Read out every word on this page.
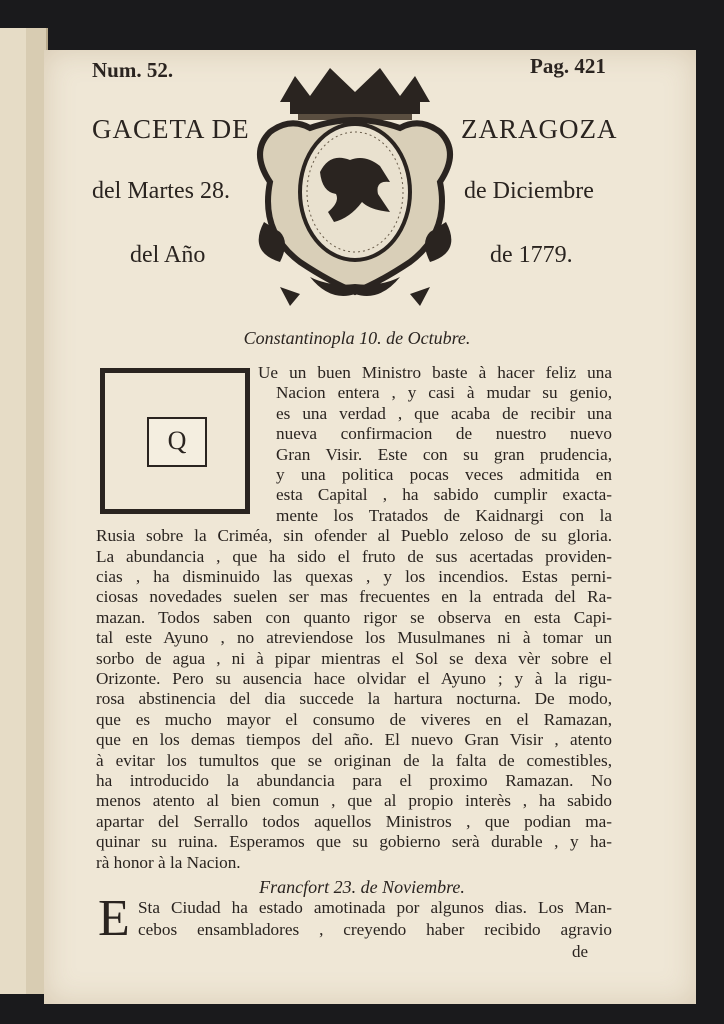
Num. 52.	Pag. 421
GACETA DE	ZARAGOZA
del Martes 28.	de Diciembre
del Año	de 1779.
Constantinopla 10. de Octubre.
Q
Ue un buen Ministro baste à hacer feliz una
Nacion entera , y casi à mudar su genio,
es una verdad , que acaba de recibir una
nueva confirmacion de nuestro nuevo
Gran Visir. Este con su gran prudencia,
y una politica pocas veces admitida en
esta Capital , ha sabido cumplir exacta-
mente los Tratados de Kaidnargi con la
Rusia sobre la Criméa, sin ofender al Pueblo zeloso de su gloria.
La abundancia , que ha sido el fruto de sus acertadas providen-
cias , ha disminuido las quexas , y los incendios. Estas perni-
ciosas novedades suelen ser mas frecuentes en la entrada del Ra-
mazan. Todos saben con quanto rigor se observa en esta Capi-
tal este Ayuno , no atreviendose los Musulmanes ni à tomar un
sorbo de agua , ni à pipar mientras el Sol se dexa vèr sobre el
Orizonte. Pero su ausencia hace olvidar el Ayuno ; y à la rigu-
rosa abstinencia del dia succede la hartura nocturna. De modo,
que es mucho mayor el consumo de viveres en el Ramazan,
que en los demas tiempos del año. El nuevo Gran Visir , atento
à evitar los tumultos que se originan de la falta de comestibles,
ha introducido la abundancia para el proximo Ramazan. No
menos atento al bien comun , que al propio interès , ha sabido
apartar del Serrallo todos aquellos Ministros , que podian ma-
quinar su ruina. Esperamos que su gobierno serà durable , y ha-
rà honor à la Nacion.
Francfort 23. de Noviembre.
E Sta Ciudad ha estado amotinada por algunos dias. Los Man-
cebos ensambladores , creyendo haber recibido agravio
de
